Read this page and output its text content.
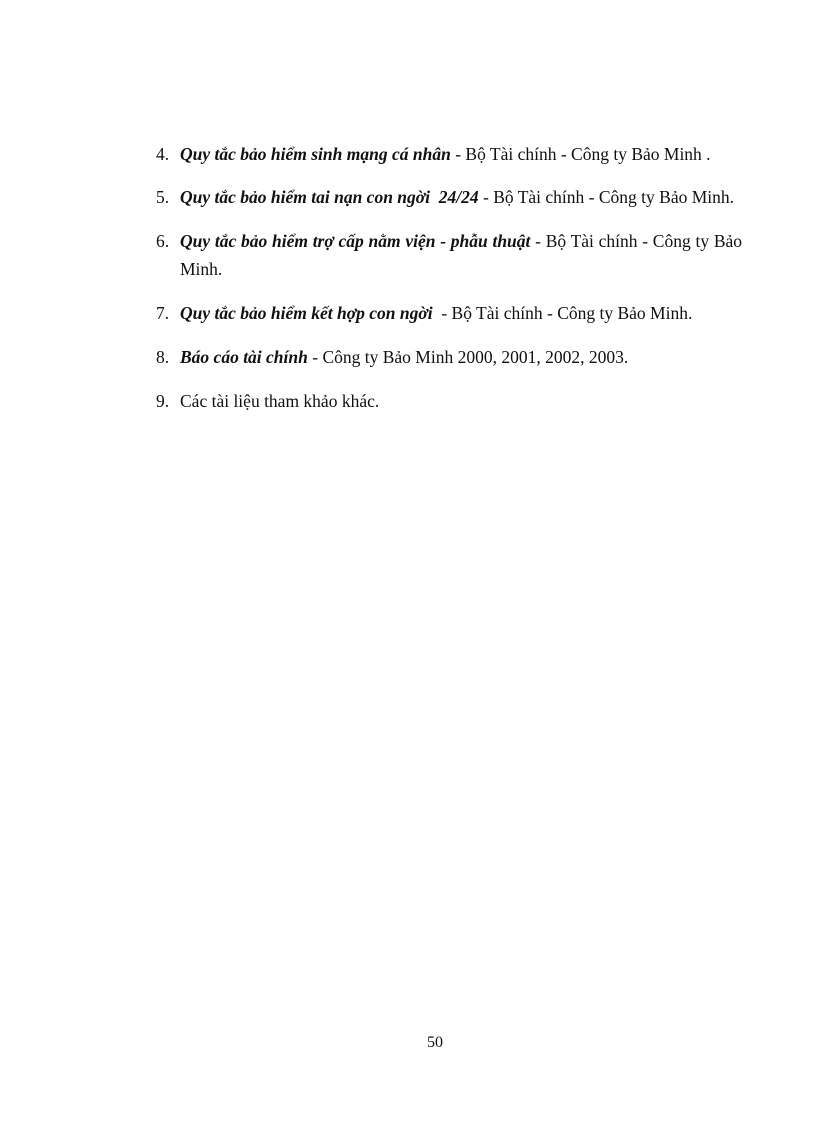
4. Quy tắc bảo hiểm sinh mạng cá nhân - Bộ Tài chính - Công ty Bảo Minh .
5. Quy tắc bảo hiểm tai nạn con ngời  24/24 - Bộ Tài chính - Công ty Bảo Minh.
6. Quy tắc bảo hiểm trợ cấp nằm viện - phẫu thuật - Bộ Tài chính - Công ty Bảo Minh.
7. Quy tắc bảo hiểm kết hợp con ngời  - Bộ Tài chính - Công ty Bảo Minh.
8. Báo cáo tài chính - Công ty Bảo Minh 2000, 2001, 2002, 2003.
9. Các tài liệu tham khảo khác.
50
